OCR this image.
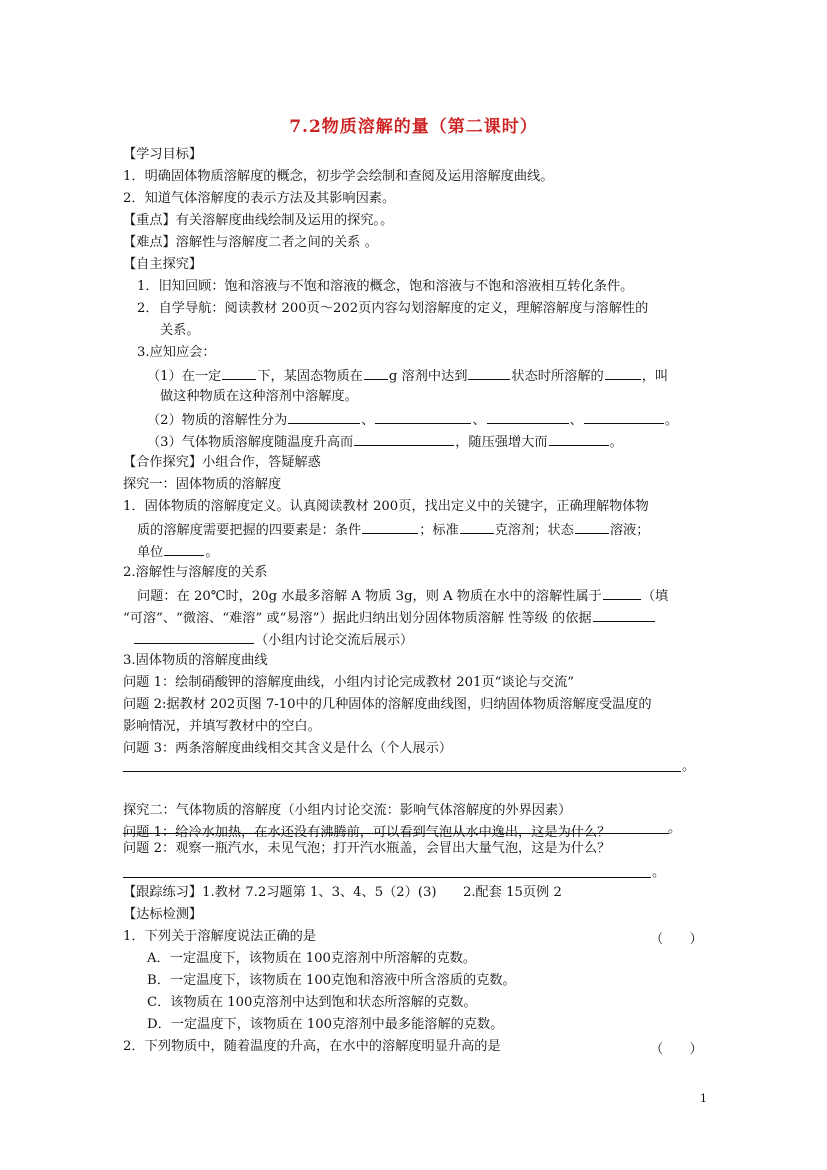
7.2物质溶解的量（第二课时）
【学习目标】
1．明确固体物质溶解度的概念，初步学会绘制和查阅及运用溶解度曲线。
2．知道气体溶解度的表示方法及其影响因素。
【重点】有关溶解度曲线绘制及运用的探究。。
【难点】溶解性与溶解度二者之间的关系 。
【自主探究】
1．旧知回顾：饱和溶液与不饱和溶液的概念，饱和溶液与不饱和溶液相互转化条件。
2．自学导航：阅读教材 200页～202页内容勾划溶解度的定义，理解溶解度与溶解性的
关系。
3.应知应会：
（1）在一定	下，某固态物质在 g 溶剂中达到	状态时所溶解的	，叫
做这种物质在这种溶剂中溶解度。
（2）物质的溶解性分为	、	、	、	。
（3）气体物质溶解度随温度升高而	，随压强增大而	。
【合作探究】小组合作，答疑解惑
探究一：固体物质的溶解度
1．固体物质的溶解度定义。认真阅读教材 200页，找出定义中的关键字，正确理解物体物
质的溶解度需要把握的四要素是：条件	；标准	克溶剂；状态	溶液；
单位	。
2.溶解性与溶解度的关系
问题：在 20℃时，20g 水最多溶解 A 物质 3g，则 A 物质在水中的溶解性属于	（填
“可溶”、“微溶、“难溶” 或“易溶”）据此归纳出划分固体物质溶解 性等级 的依据
（小组内讨论交流后展示）
3.固体物质的溶解度曲线
问题 1：绘制硝酸钾的溶解度曲线，小组内讨论完成教材 201页“谈论与交流”
问题 2:据教材 202页图 7-10中的几种固体的溶解度曲线图，归纳固体物质溶解度受温度的
影响情况，并填写教材中的空白。
问题 3：两条溶解度曲线相交其含义是什么（个人展示）
。
探究二：气体物质的溶解度（小组内讨论交流：影响气体溶解度的外界因素）
问题 1：给冷水加热，在水还没有沸腾前，可以看到气泡从水中逸出，这是为什么？	。
问题 2：观察一瓶汽水，未见气泡；打开汽水瓶盖，会冒出大量气泡，这是为什么？
。
【跟踪练习】1.教材 7.2习题第 1、3、4、5（2）(3)　　2.配套 15页例 2
【达标检测】
1．下列关于溶解度说法正确的是	（　　）
A．一定温度下，该物质在 100克溶剂中所溶解的克数。
B．一定温度下，该物质在 100克饱和溶液中所含溶质的克数。
C．该物质在 100克溶剂中达到饱和状态所溶解的克数。
D．一定温度下，该物质在 100克溶剂中最多能溶解的克数。
2．下列物质中，随着温度的升高，在水中的溶解度明显升高的是	（　　）
1
